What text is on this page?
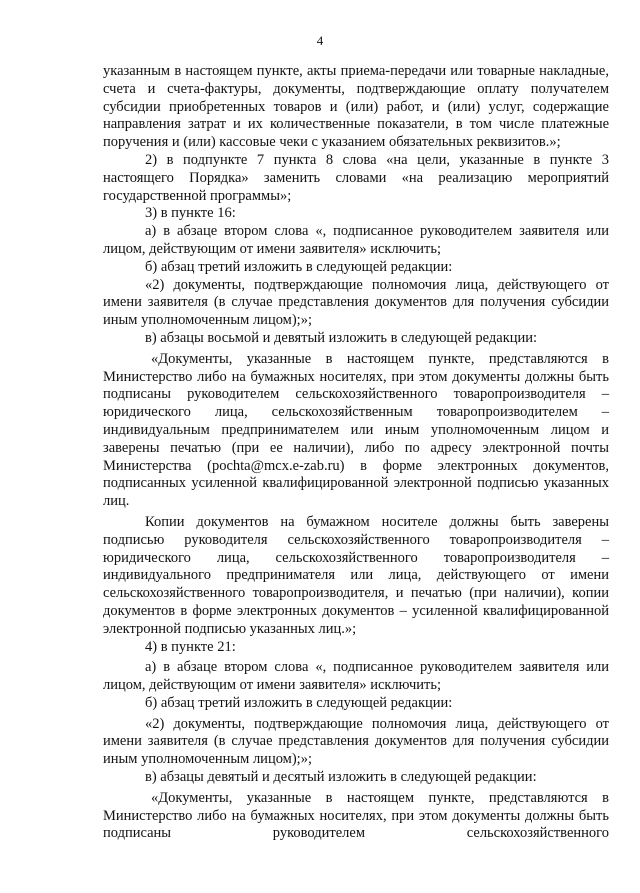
4

указанным в настоящем пункте, акты приема-передачи или товарные накладные, счета и счета-фактуры, документы, подтверждающие оплату получателем субсидии приобретенных товаров и (или) работ, и (или) услуг, содержащие направления затрат и их количественные показатели, в том числе платежные поручения и (или) кассовые чеки с указанием обязательных реквизитов.»;

2) в подпункте 7 пункта 8 слова «на цели, указанные в пункте 3 настоящего Порядка» заменить словами «на реализацию мероприятий государственной программы»;

3) в пункте 16:

а) в абзаце втором слова «, подписанное руководителем заявителя или лицом, действующим от имени заявителя» исключить;

б) абзац третий изложить в следующей редакции:

«2) документы, подтверждающие полномочия лица, действующего от имени заявителя (в случае представления документов для получения субсидии иным уполномоченным лицом);»;

в) абзацы восьмой и девятый изложить в следующей редакции:

«Документы, указанные в настоящем пункте, представляются в Министерство либо на бумажных носителях, при этом документы должны быть подписаны руководителем сельскохозяйственного товаропроизводителя – юридического лица, сельскохозяйственным товаропроизводителем – индивидуальным предпринимателем или иным уполномоченным лицом и заверены печатью (при ее наличии), либо по адресу электронной почты Министерства (pochta@mcx.e-zab.ru) в форме электронных документов, подписанных усиленной квалифицированной электронной подписью указанных лиц.

Копии документов на бумажном носителе должны быть заверены подписью руководителя сельскохозяйственного товаропроизводителя – юридического лица, сельскохозяйственного товаропроизводителя – индивидуального предпринимателя или лица, действующего от имени сельскохозяйственного товаропроизводителя, и печатью (при наличии), копии документов в форме электронных документов – усиленной квалифицированной электронной подписью указанных лиц.»;

4) в пункте 21:

а) в абзаце втором слова «, подписанное руководителем заявителя или лицом, действующим от имени заявителя» исключить;

б) абзац третий изложить в следующей редакции:

«2) документы, подтверждающие полномочия лица, действующего от имени заявителя (в случае представления документов для получения субсидии иным уполномоченным лицом);»;

в) абзацы девятый и десятый изложить в следующей редакции:

«Документы, указанные в настоящем пункте, представляются в Министерство либо на бумажных носителях, при этом документы должны быть подписаны руководителем сельскохозяйственного
